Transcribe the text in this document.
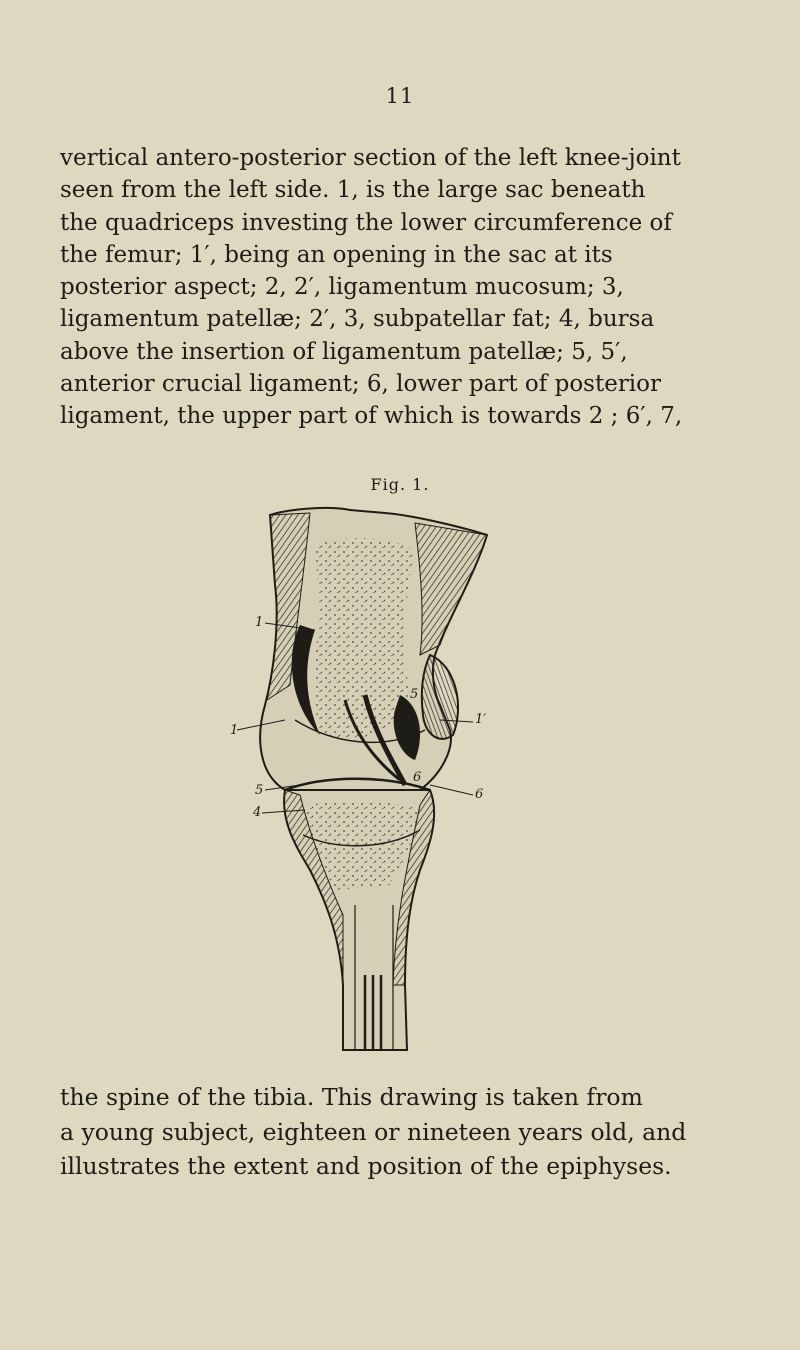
11

vertical antero-posterior section of the left knee-joint
seen from the left side. 1, is the large sac beneath
the quadriceps investing the lower circumference of
the femur; 1′, being an opening in the sac at its
posterior aspect; 2, 2′, ligamentum mucosum; 3,
ligamentum patellæ; 2′, 3, subpatellar fat; 4, bursa
above the insertion of ligamentum patellæ; 5, 5′,
anterior crucial ligament; 6, lower part of posterior
ligament, the upper part of which is towards 2 ; 6′, 7,

Fig. 1.
1
1
1′
5
4
6
5
6

the spine of the tibia. This drawing is taken from
a young subject, eighteen or nineteen years old, and
illustrates the extent and position of the epiphyses.
